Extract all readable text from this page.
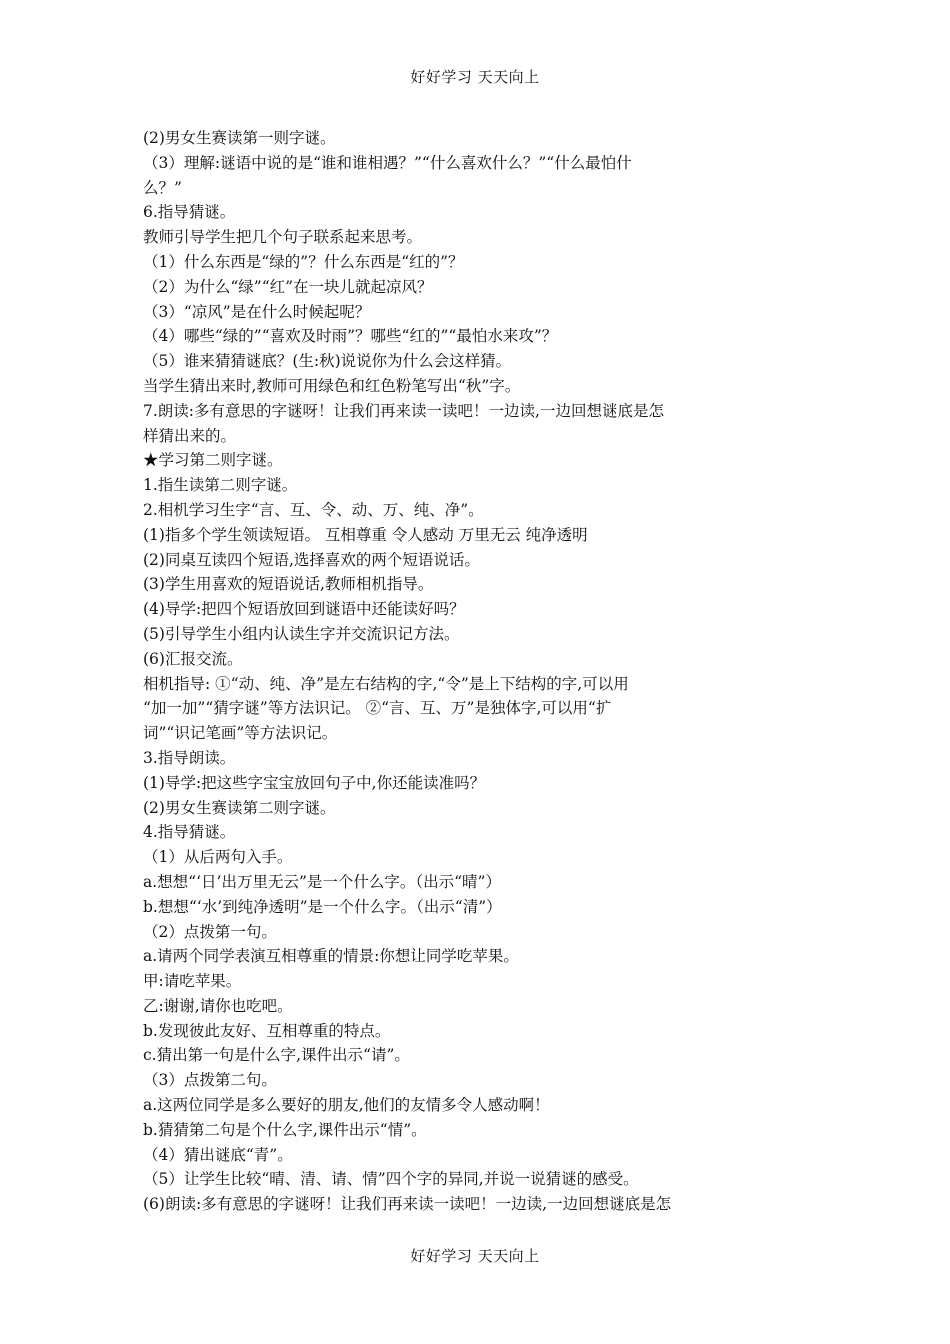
好好学习 天天向上
(2)男女生赛读第一则字谜。
（3）理解:谜语中说的是“谁和谁相遇？”“什么喜欢什么？”“什么最怕什
么？”
6.指导猜谜。
教师引导学生把几个句子联系起来思考。
（1）什么东西是“绿的”？什么东西是“红的”？
（2）为什么“绿”“红”在一块儿就起凉风？
（3）“凉风”是在什么时候起呢？
（4）哪些“绿的”“喜欢及时雨”？哪些“红的”“最怕水来攻”？
（5）谁来猜猜谜底？(生:秋)说说你为什么会这样猜。
当学生猜出来时,教师可用绿色和红色粉笔写出“秋”字。
7.朗读:多有意思的字谜呀！让我们再来读一读吧！一边读,一边回想谜底是怎
样猜出来的。
★学习第二则字谜。
1.指生读第二则字谜。
2.相机学习生字“言、互、令、动、万、纯、净”。
(1)指多个学生领读短语。 互相尊重 令人感动 万里无云 纯净透明
(2)同桌互读四个短语,选择喜欢的两个短语说话。
(3)学生用喜欢的短语说话,教师相机指导。
(4)导学:把四个短语放回到谜语中还能读好吗？
(5)引导学生小组内认读生字并交流识记方法。
(6)汇报交流。
相机指导: ①“动、纯、净”是左右结构的字,“令”是上下结构的字,可以用
“加一加”“猜字谜”等方法识记。 ②“言、互、万”是独体字,可以用“扩
词”“识记笔画”等方法识记。
3.指导朗读。
(1)导学:把这些字宝宝放回句子中,你还能读准吗？
(2)男女生赛读第二则字谜。
4.指导猜谜。
（1）从后两句入手。
a.想想“‘日’出万里无云”是一个什么字。（出示“晴”）
b.想想“‘水’到纯净透明”是一个什么字。（出示“清”）
（2）点拨第一句。
a.请两个同学表演互相尊重的情景:你想让同学吃苹果。
甲:请吃苹果。
乙:谢谢,请你也吃吧。
b.发现彼此友好、互相尊重的特点。
c.猜出第一句是什么字,课件出示“请”。
（3）点拨第二句。
a.这两位同学是多么要好的朋友,他们的友情多令人感动啊！
b.猜猜第二句是个什么字,课件出示“情”。
（4）猜出谜底“青”。
（5）让学生比较“晴、清、请、情”四个字的异同,并说一说猜谜的感受。
(6)朗读:多有意思的字谜呀！让我们再来读一读吧！一边读,一边回想谜底是怎
好好学习 天天向上
